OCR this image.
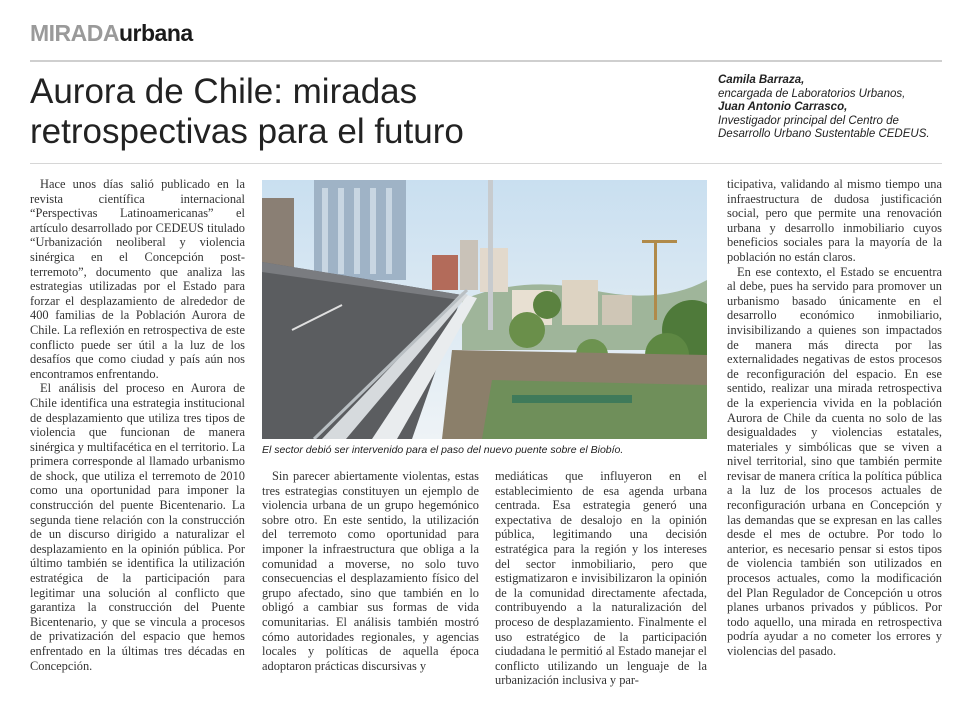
MIRADAurbana
Aurora de Chile: miradas
retrospectivas para el futuro
Camila Barraza,
encargada de Laboratorios Urbanos,
Juan Antonio Carrasco,
Investigador principal del Centro de
Desarrollo Urbano Sustentable CEDEUS.

Hace unos días salió publicado en la revista científica internacional “Perspectivas Latinoamericanas” el artículo desarrollado por CEDEUS titulado “Urbanización neoliberal y violencia sinérgica en el Concepción post-terremoto”, documento que analiza las estrategias utilizadas por el Estado para forzar el desplazamiento de alrededor de 400 familias de la Población Aurora de Chile. La reflexión en retrospectiva de este conflicto puede ser útil a la luz de los desafíos que como ciudad y país aún nos encontramos enfrentando.

El análisis del proceso en Aurora de Chile identifica una estrategia institucional de desplazamiento que utiliza tres tipos de violencia que funcionan de manera sinérgica y multifacética en el territorio. La primera corresponde al llamado urbanismo de shock, que utiliza el terremoto de 2010 como una oportunidad para imponer la construcción del puente Bicentenario. La segunda tiene relación con la construcción de un discurso dirigido a naturalizar el desplazamiento en la opinión pública. Por último también se identifica la utilización estratégica de la participación para legitimar una solución al conflicto que garantiza la construcción del Puente Bicentenario, y que se vincula a procesos de privatización del espacio que hemos enfrentado en la últimas tres décadas en Concepción.

El sector debió ser intervenido para el paso del nuevo puente sobre el Biobío.

Sin parecer abiertamente violentas, estas tres estrategias constituyen un ejemplo de violencia urbana de un grupo hegemónico sobre otro. En este sentido, la utilización del terremoto como oportunidad para imponer la infraestructura que obliga a la comunidad a moverse, no solo tuvo consecuencias el desplazamiento físico del grupo afectado, sino que también en lo obligó a cambiar sus formas de vida comunitarias. El análisis también mostró cómo autoridades regionales, y agencias locales y políticas de aquella época adoptaron prácticas discursivas y

mediáticas que influyeron en el establecimiento de esa agenda urbana centrada. Esa estrategia generó una expectativa de desalojo en la opinión pública, legitimando una decisión estratégica para la región y los intereses del sector inmobiliario, pero que estigmatizaron e invisibilizaron la opinión de la comunidad directamente afectada, contribuyendo a la naturalización del proceso de desplazamiento. Finalmente el uso estratégico de la participación ciudadana le permitió al Estado manejar el conflicto utilizando un lenguaje de la urbanización inclusiva y par-

ticipativa, validando al mismo tiempo una infraestructura de dudosa justificación social, pero que permite una renovación urbana y desarrollo inmobiliario cuyos beneficios sociales para la mayoría de la población no están claros.

En ese contexto, el Estado se encuentra al debe, pues ha servido para promover un urbanismo basado únicamente en el desarrollo económico inmobiliario, invisibilizando a quienes son impactados de manera más directa por las externalidades negativas de estos procesos de reconfiguración del espacio. En ese sentido, realizar una mirada retrospectiva de la experiencia vivida en la población Aurora de Chile da cuenta no solo de las desigualdades y violencias estatales, materiales y simbólicas que se viven a nivel territorial, sino que también permite revisar de manera crítica la política pública a la luz de los procesos actuales de reconfiguración urbana en Concepción y las demandas que se expresan en las calles desde el mes de octubre. Por todo lo anterior, es necesario pensar si estos tipos de violencia también son utilizados en procesos actuales, como la modificación del Plan Regulador de Concepción u otros planes urbanos privados y públicos. Por todo aquello, una mirada en retrospectiva podría ayudar a no cometer los errores y violencias del pasado.
